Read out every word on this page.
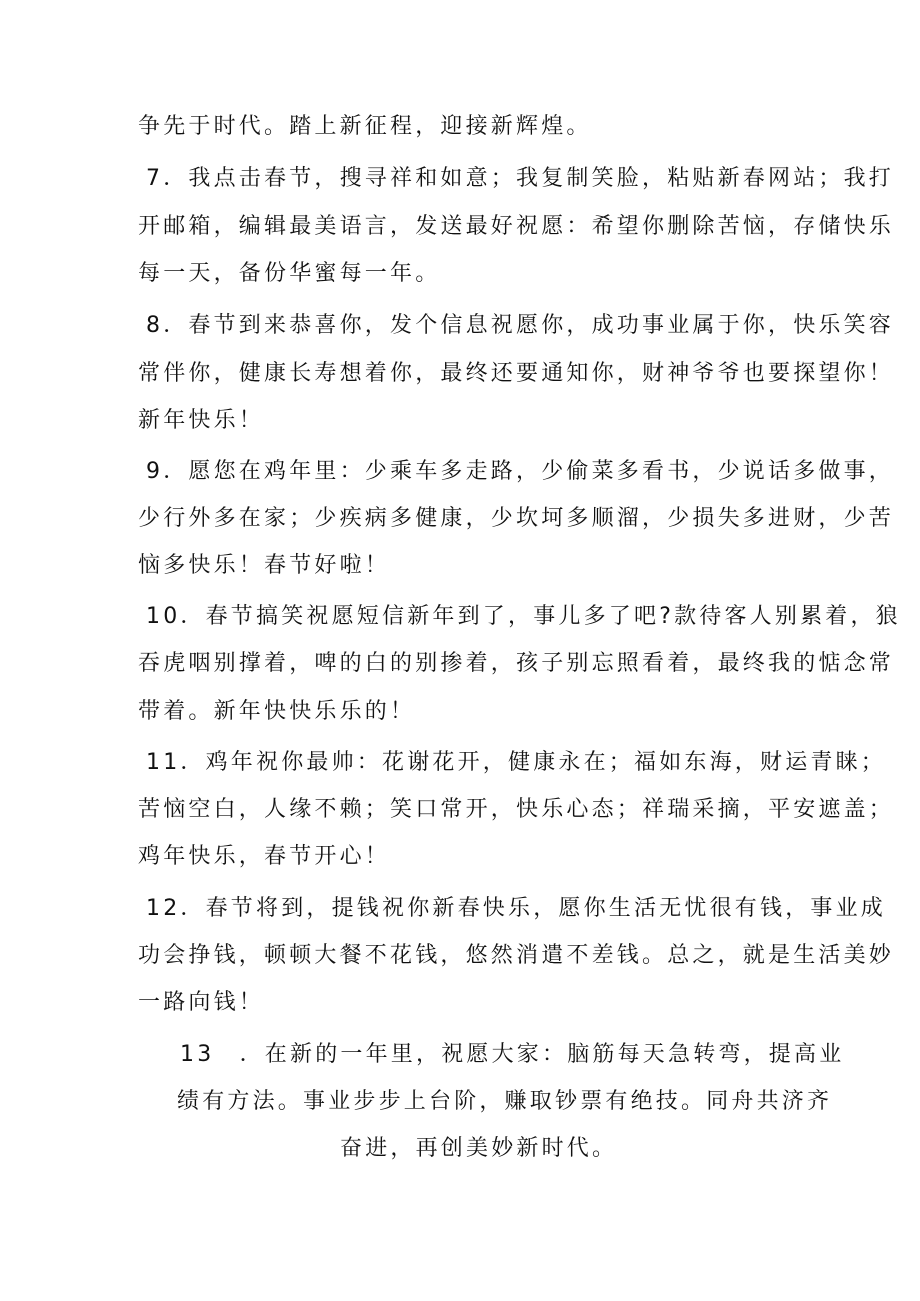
争先于时代。踏上新征程，迎接新辉煌。
7．我点击春节，搜寻祥和如意；我复制笑脸，粘贴新春网站；我打
开邮箱，编辑最美语言，发送最好祝愿：希望你删除苦恼，存储快乐
每一天，备份华蜜每一年。
8．春节到来恭喜你，发个信息祝愿你，成功事业属于你，快乐笑容
常伴你，健康长寿想着你，最终还要通知你，财神爷爷也要探望你！
新年快乐！
9．愿您在鸡年里：少乘车多走路，少偷菜多看书，少说话多做事，
少行外多在家；少疾病多健康，少坎坷多顺溜，少损失多进财，少苦
恼多快乐！春节好啦！
10．春节搞笑祝愿短信新年到了，事儿多了吧?款待客人别累着，狼
吞虎咽别撑着，啤的白的别掺着，孩子别忘照看着，最终我的惦念常
带着。新年快快乐乐的！
11．鸡年祝你最帅：花谢花开，健康永在；福如东海，财运青睐；
苦恼空白，人缘不赖；笑口常开，快乐心态；祥瑞采摘，平安遮盖；
鸡年快乐，春节开心！
12．春节将到，提钱祝你新春快乐，愿你生活无忧很有钱，事业成
功会挣钱，顿顿大餐不花钱，悠然消遣不差钱。总之，就是生活美妙
一路向钱！
13　．在新的一年里，祝愿大家：脑筋每天急转弯，提高业
绩有方法。事业步步上台阶，赚取钞票有绝技。同舟共济齐
奋进，再创美妙新时代。
